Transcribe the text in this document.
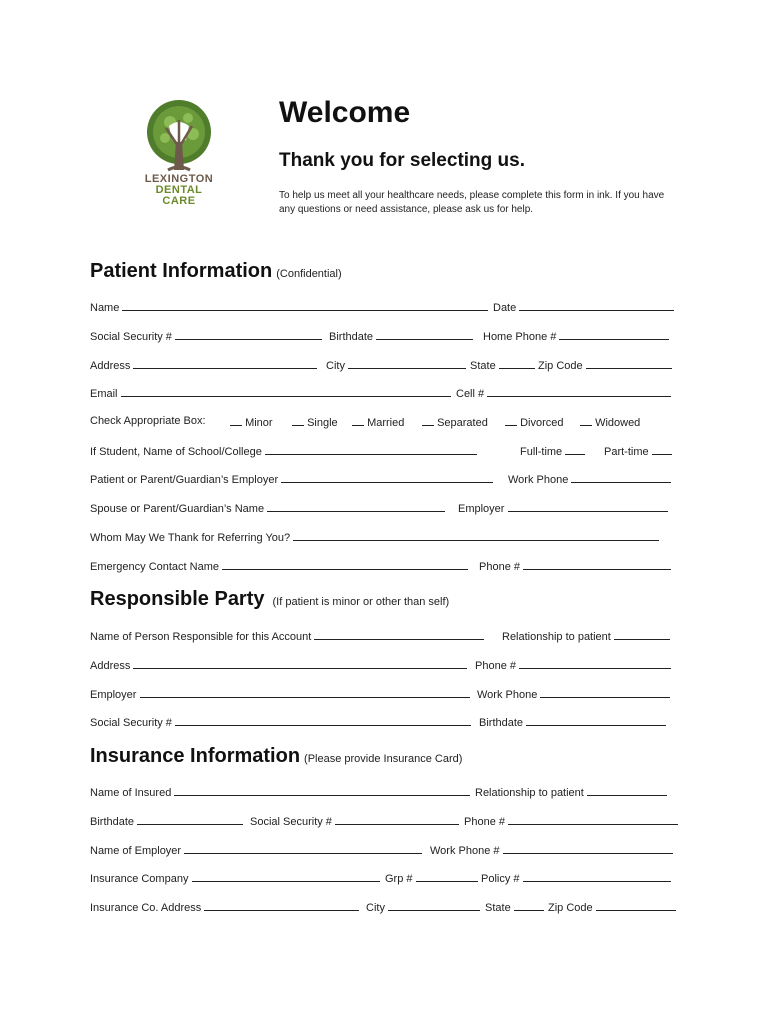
LEXINGTON
DENTAL
CARE
Welcome
Thank you for selecting us.
To help us meet all your healthcare needs, please complete this form in ink. If you have any questions or need assistance, please ask us for help.
Patient Information (Confidential)
Name	Date
Social Security #	Birthdate	Home Phone #
Address	City	State	Zip Code
Email	Cell #
Check Appropriate Box:	Minor	Single	Married	Separated	Divorced	Widowed
If Student, Name of School/College	Full-time	Part-time
Patient or Parent/Guardian’s Employer	Work Phone
Spouse or Parent/Guardian’s Name	Employer
Whom May We Thank for Referring You?
Emergency Contact Name	Phone #
Responsible Party (If patient is minor or other than self)
Name of Person Responsible for this Account	Relationship to patient
Address	Phone #
Employer	Work Phone
Social Security #	Birthdate
Insurance Information (Please provide Insurance Card)
Name of Insured	Relationship to patient
Birthdate	Social Security #	Phone #
Name of Employer	Work Phone #
Insurance Company	Grp #	Policy #
Insurance Co. Address	City	State	Zip Code
